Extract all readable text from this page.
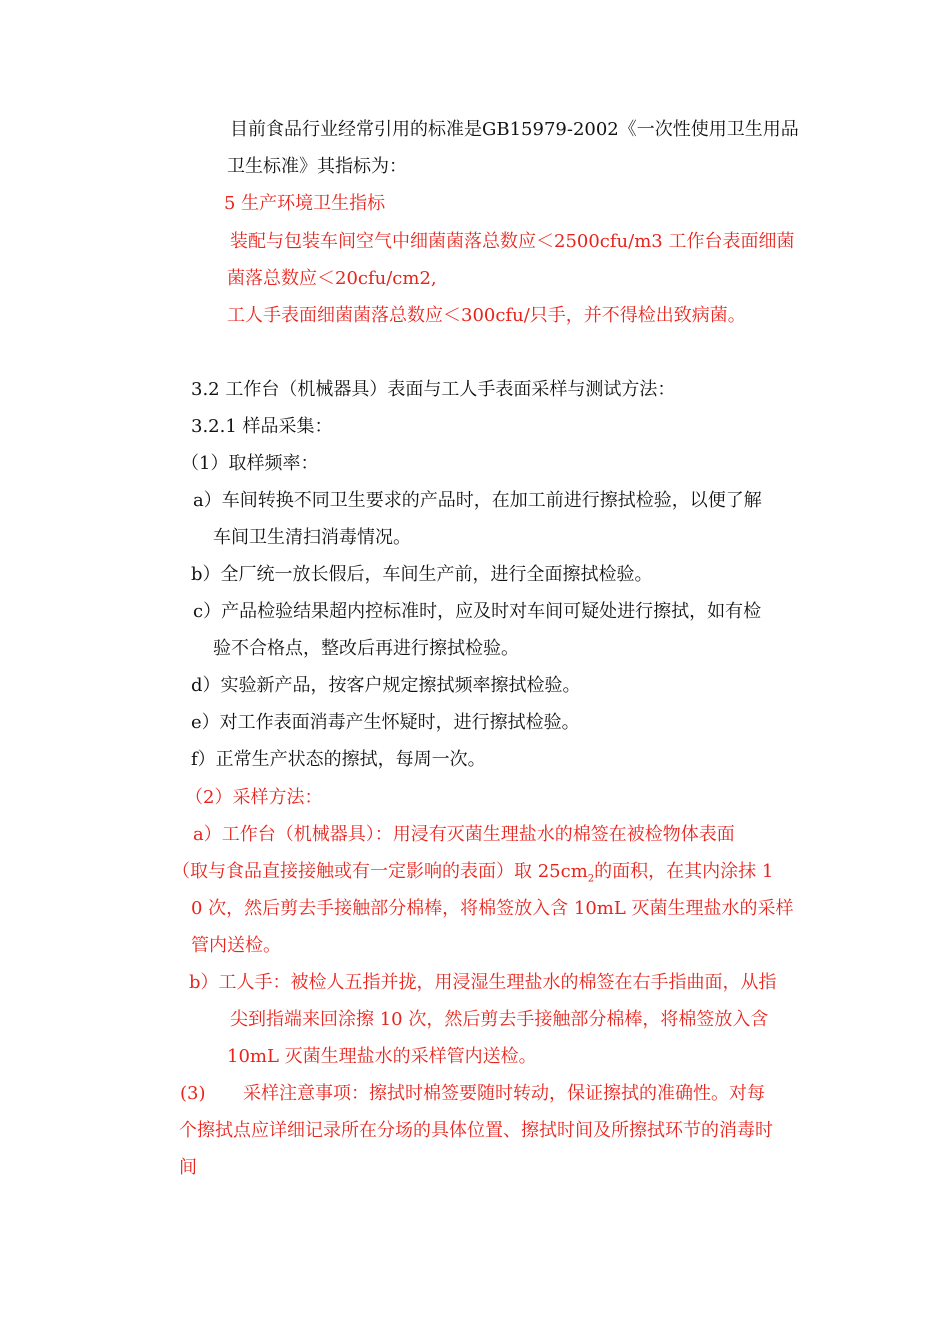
目前食品行业经常引用的标准是GB15979-2002《一次性使用卫生用品
卫生标准》其指标为：
5 生产环境卫生指标
装配与包装车间空气中细菌菌落总数应＜2500cfu/m3 工作台表面细菌
菌落总数应＜20cfu/cm2,
工人手表面细菌菌落总数应＜300cfu/只手，并不得检出致病菌。
3.2 工作台（机械器具）表面与工人手表面采样与测试方法：
3.2.1 样品采集：
（1）取样频率：
a）车间转换不同卫生要求的产品时，在加工前进行擦拭检验，以便了解
车间卫生清扫消毒情况。
b）全厂统一放长假后，车间生产前，进行全面擦拭检验。
c）产品检验结果超内控标准时，应及时对车间可疑处进行擦拭，如有检
验不合格点，整改后再进行擦拭检验。
d）实验新产品，按客户规定擦拭频率擦拭检验。
e）对工作表面消毒产生怀疑时，进行擦拭检验。
f）正常生产状态的擦拭，每周一次。
（2）采样方法：
a）工作台（机械器具）：用浸有灭菌生理盐水的棉签在被检物体表面
（取与食品直接接触或有一定影响的表面）取 $25cm_2$的面积，在其内涂抹 1
0 次，然后剪去手接触部分棉棒，将棉签放入含 10mL 灭菌生理盐水的采样
管内送检。
b）工人手：被检人五指并拢，用浸湿生理盐水的棉签在右手指曲面，从指
尖到指端来回涂擦 10 次，然后剪去手接触部分棉棒，将棉签放入含
10mL 灭菌生理盐水的采样管内送检。
(3) 采样注意事项：擦拭时棉签要随时转动，保证擦拭的准确性。对每
个擦拭点应详细记录所在分场的具体位置、擦拭时间及所擦拭环节的消毒时
间
